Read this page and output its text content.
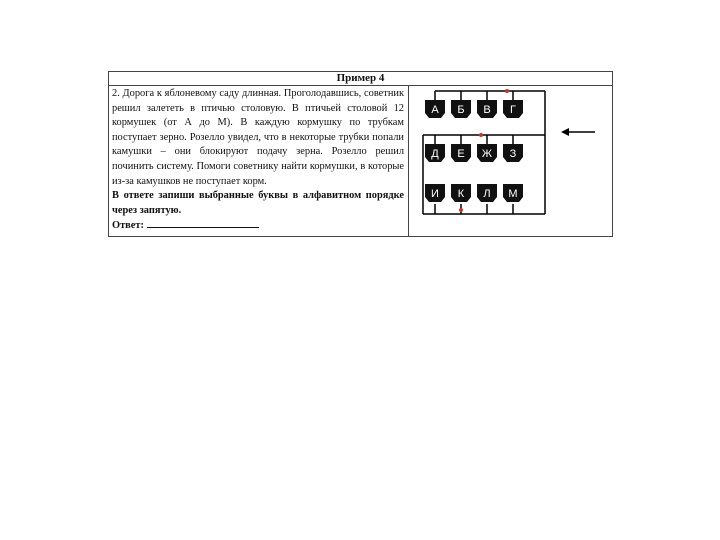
Пример 4

2. Дорога к яблоневому саду длинная. Проголодавшись, советник решил залететь в птичью столовую. В птичьей столовой 12 кормушек (от А до М). В каждую кормушку по трубкам поступает зерно. Розелло увидел, что в некоторые трубки попали камушки – они блокируют подачу зерна. Розелло решил починить систему. Помоги советнику найти кормушки, в которые из-за камушков не поступает корм.

В ответе запиши выбранные буквы в алфавитном порядке через запятую.

Ответ:

А Б В Г
Д Е Ж З
И К Л М
